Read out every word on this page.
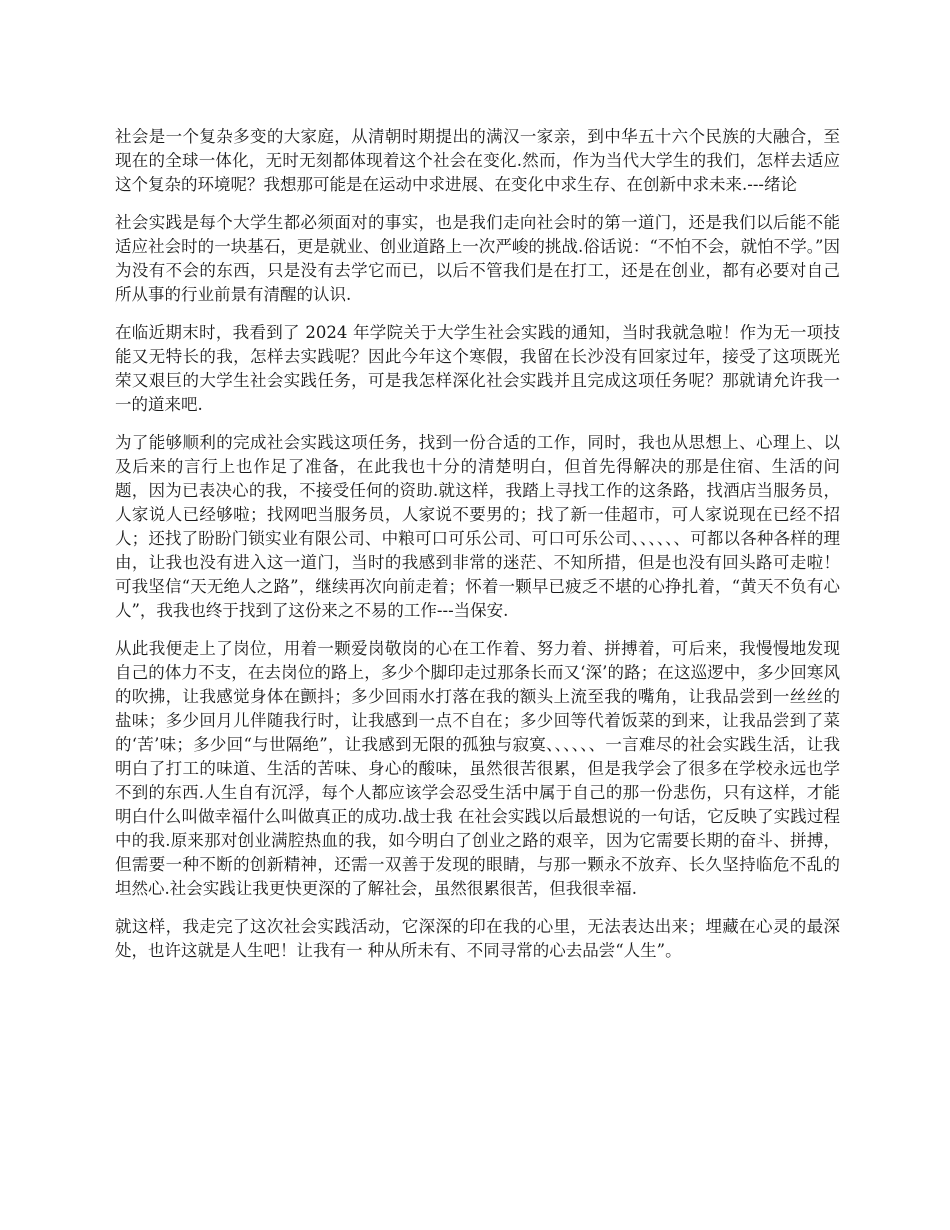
社会是一个复杂多变的大家庭，从清朝时期提出的满汉一家亲，到中华五十六个民族的大融合，至现在的全球一体化，无时无刻都体现着这个社会在变化.然而，作为当代大学生的我们，怎样去适应这个复杂的环境呢？我想那可能是在运动中求进展、在变化中求生存、在创新中求未来.---绪论

社会实践是每个大学生都必须面对的事实，也是我们走向社会时的第一道门，还是我们以后能不能适应社会时的一块基石，更是就业、创业道路上一次严峻的挑战.俗话说：“不怕不会，就怕不学。”因为没有不会的东西，只是没有去学它而已，以后不管我们是在打工，还是在创业，都有必要对自己所从事的行业前景有清醒的认识.

在临近期末时，我看到了 2024 年学院关于大学生社会实践的通知，当时我就急啦！作为无一项技能又无特长的我，怎样去实践呢？因此今年这个寒假，我留在长沙没有回家过年，接受了这项既光荣又艰巨的大学生社会实践任务，可是我怎样深化社会实践并且完成这项任务呢？那就请允许我一一的道来吧.

为了能够顺利的完成社会实践这项任务，找到一份合适的工作，同时，我也从思想上、心理上、以及后来的言行上也作足了准备，在此我也十分的清楚明白，但首先得解决的那是住宿、生活的问题，因为已表决心的我，不接受任何的资助.就这样，我踏上寻找工作的这条路，找酒店当服务员，人家说人已经够啦；找网吧当服务员，人家说不要男的；找了新一佳超市，可人家说现在已经不招人；还找了盼盼门锁实业有限公司、中粮可口可乐公司、可口可乐公司、、、、、、可都以各种各样的理由，让我也没有进入这一道门，当时的我感到非常的迷茫、不知所措，但是也没有回头路可走啦！可我坚信“天无绝人之路”，继续再次向前走着；怀着一颗早已疲乏不堪的心挣扎着，“黄天不负有心人”，我我也终于找到了这份来之不易的工作---当保安.

从此我便走上了岗位，用着一颗爱岗敬岗的心在工作着、努力着、拼搏着，可后来，我慢慢地发现自己的体力不支，在去岗位的路上，多少个脚印走过那条长而又‘深’的路；在这巡逻中，多少回寒风的吹拂，让我感觉身体在颤抖；多少回雨水打落在我的额头上流至我的嘴角，让我品尝到一丝丝的盐味；多少回月儿伴随我行时，让我感到一点不自在；多少回等代着饭菜的到来，让我品尝到了菜的‘苦’味；多少回“与世隔绝”，让我感到无限的孤独与寂寞、、、、、、一言难尽的社会实践生活，让我明白了打工的味道、生活的苦味、身心的酸味，虽然很苦很累，但是我学会了很多在学校永远也学不到的东西.人生自有沉浮，每个人都应该学会忍受生活中属于自己的那一份悲伤，只有这样，才能明白什么叫做幸福什么叫做真正的成功.战士我 在社会实践以后最想说的一句话，它反映了实践过程中的我.原来那对创业满腔热血的我，如今明白了创业之路的艰辛，因为它需要长期的奋斗、拼搏，但需要一种不断的创新精神，还需一双善于发现的眼睛，与那一颗永不放弃、长久坚持临危不乱的坦然心.社会实践让我更快更深的了解社会，虽然很累很苦，但我很幸福.

就这样，我走完了这次社会实践活动，它深深的印在我的心里，无法表达出来；埋藏在心灵的最深处，也许这就是人生吧！让我有一 种从所未有、不同寻常的心去品尝“人生”。
